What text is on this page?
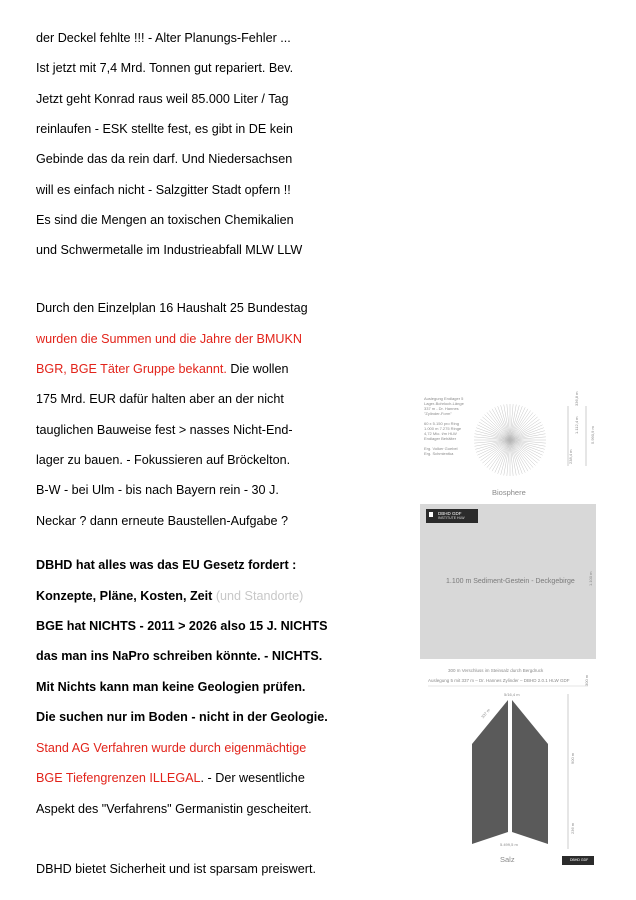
der Deckel fehlte !!! - Alter Planungs-Fehler ...
Ist jetzt mit 7,4 Mrd. Tonnen gut repariert. Bev.
Jetzt geht Konrad raus weil 85.000 Liter / Tag
reinlaufen - ESK stellte fest, es gibt in DE kein
Gebinde das da rein darf. Und Niedersachsen
will es einfach nicht - Salzgitter Stadt opfern !!
Es sind die Mengen an toxischen Chemikalien
und Schwermetalle im Industrieabfall MLW LLW
Durch den Einzelplan 16 Haushalt 25 Bundestag
wurden die Summen und die Jahre der BMUKN
BGR, BGE Täter Gruppe bekannt. Die wollen
175 Mrd. EUR dafür halten aber an der nicht
tauglichen Bauweise fest > nasses Nicht-End-
lager zu bauen. - Fokussieren auf Bröckelton.
B-W - bei Ulm - bis nach Bayern rein - 30 J.
Neckar ? dann erneute Baustellen-Aufgabe ?
DBHD hat alles was das EU Gesetz fordert :
Konzepte, Pläne, Kosten, Zeit (und Standorte)
BGE hat NICHTS - 2011 > 2026 also 15 J. NICHTS
das man ins NaPro schreiben könnte. - NICHTS.
Mit Nichts kann man keine Geologien prüfen.
Die suchen nur im Boden - nicht in der Geologie.
Stand AG Verfahren wurde durch eigenmächtige
BGE Tiefengrenzen ILLEGAL. - Der wesentliche
Aspekt des "Verfahrens" Germanistin gescheitert.
DBHD bietet Sicherheit und ist sparsam preiswert.
Auslegung Endlager 5
Lager-Bohrloch-Länge
337 m - Dr. Hannes
"Zylinder-Form"
60 x 5.150 pro Ring
1.000 m 7.275 Ringe
4,72 Mio. t/m HLW
Endlager Behälter
Erg. Volker Goebel
Erg. Schmientka
336,8 m
1.112,4 m
5.990,9 m
238,4 m
Biosphere
DBHD GDF
INSTITUTE HLW
1.100 m Sediment-Gestein - Deckgebirge	1.100 m
300 m Verschluss im Steinsalz durch Bergdruck
Auslegung 5 mit 337 m – Dr. Hannes Zylinder – DBHD 2.0.1 HLW GDF	300 m
5/16,4 m
337 m
900 m
236 m
5.499,5 m
Salz	DBHD GDF
